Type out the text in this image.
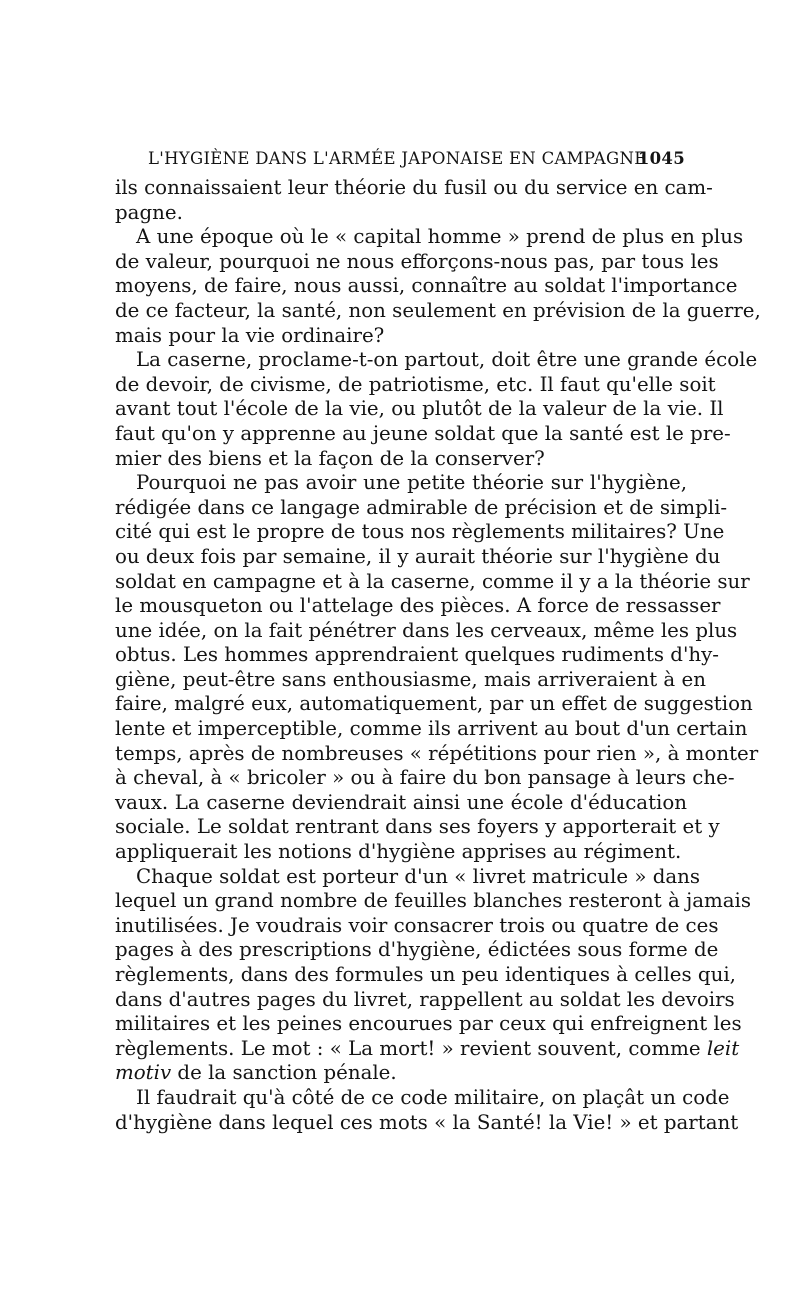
L'HYGIÈNE DANS L'ARMÉE JAPONAISE EN CAMPAGNE
1045
ils connaissaient leur théorie du fusil ou du service en cam-
pagne.
A une époque où le « capital homme » prend de plus en plus
de valeur, pourquoi ne nous efforçons-nous pas, par tous les
moyens, de faire, nous aussi, connaître au soldat l'importance
de ce facteur, la santé, non seulement en prévision de la guerre,
mais pour la vie ordinaire?
La caserne, proclame-t-on partout, doit être une grande école
de devoir, de civisme, de patriotisme, etc. Il faut qu'elle soit
avant tout l'école de la vie, ou plutôt de la valeur de la vie. Il
faut qu'on y apprenne au jeune soldat que la santé est le pre-
mier des biens et la façon de la conserver?
Pourquoi ne pas avoir une petite théorie sur l'hygiène,
rédigée dans ce langage admirable de précision et de simpli-
cité qui est le propre de tous nos règlements militaires? Une
ou deux fois par semaine, il y aurait théorie sur l'hygiène du
soldat en campagne et à la caserne, comme il y a la théorie sur
le mousqueton ou l'attelage des pièces. A force de ressasser
une idée, on la fait pénétrer dans les cerveaux, même les plus
obtus. Les hommes apprendraient quelques rudiments d'hy-
giène, peut-être sans enthousiasme, mais arriveraient à en
faire, malgré eux, automatiquement, par un effet de suggestion
lente et imperceptible, comme ils arrivent au bout d'un certain
temps, après de nombreuses « répétitions pour rien », à monter
à cheval, à « bricoler » ou à faire du bon pansage à leurs che-
vaux. La caserne deviendrait ainsi une école d'éducation
sociale. Le soldat rentrant dans ses foyers y apporterait et y
appliquerait les notions d'hygiène apprises au régiment.
Chaque soldat est porteur d'un « livret matricule » dans
lequel un grand nombre de feuilles blanches resteront à jamais
inutilisées. Je voudrais voir consacrer trois ou quatre de ces
pages à des prescriptions d'hygiène, édictées sous forme de
règlements, dans des formules un peu identiques à celles qui,
dans d'autres pages du livret, rappellent au soldat les devoirs
militaires et les peines encourues par ceux qui enfreignent les
règlements. Le mot : « La mort! » revient souvent, comme leit
motiv de la sanction pénale.
Il faudrait qu'à côté de ce code militaire, on plaçât un code
d'hygiène dans lequel ces mots « la Santé! la Vie! » et partant
